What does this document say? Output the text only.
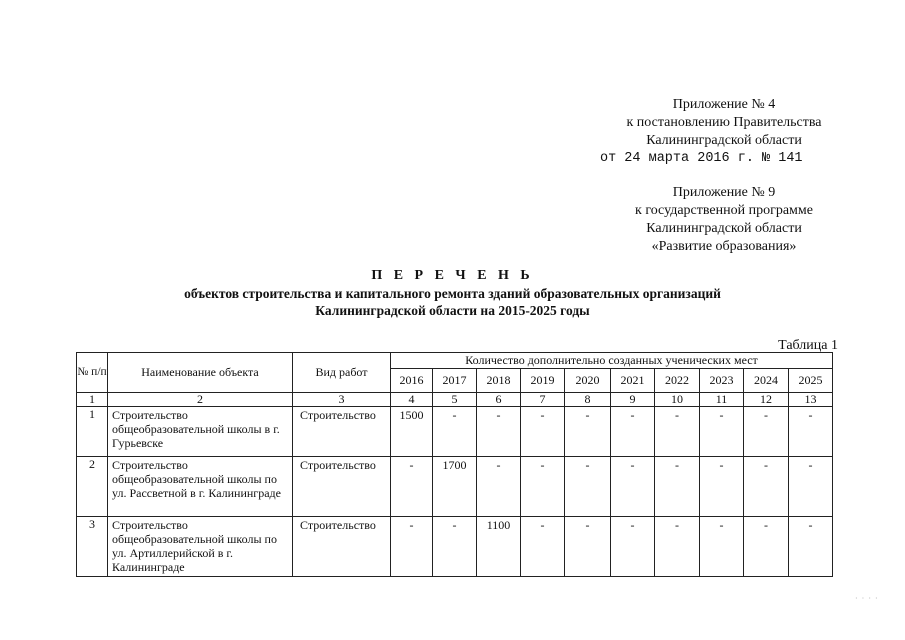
Приложение № 4
к постановлению Правительства
Калининградской области
от 24 марта 2016 г. № 141
Приложение № 9
к государственной программе
Калининградской области
«Развитие образования»
П Е Р Е Ч Е Н Ь
объектов строительства и капитального ремонта зданий образовательных организаций
Калининградской области на 2015-2025 годы
Таблица 1
№ п/п	Наименование объекта	Вид работ	Количество дополнительно созданных ученических мест									
			2016	2017	2018	2019	2020	2021	2022	2023	2024	2025
1	2	3	4	5	6	7	8	9	10	11	12	13
1	Строительство общеобразовательной школы в г. Гурьевске	Строительство	1500	-	-	-	-	-	-	-	-	-
2	Строительство общеобразовательной школы по ул. Рассветной в г. Калининграде	Строительство	-	1700	-	-	-	-	-	-	-	-
3	Строительство общеобразовательной школы по ул. Артиллерийской в г. Калининграде	Строительство	-	-	1100	-	-	-	-	-	-	-
· · · ·
